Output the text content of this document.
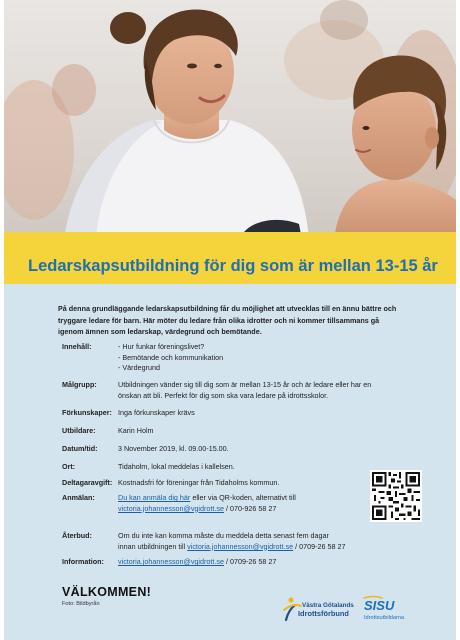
Ledarskapsutbildning för dig som är mellan 13-15 år

På denna grundläggande ledarskapsutbildning får du möjlighet att utvecklas till en ännu bättre och tryggare ledare för barn. Här möter du ledare från olika idrotter och ni kommer tillsammans gå igenom ämnen som ledarskap, värdegrund och bemötande.

Innehåll:	- Hur funkar föreningslivet?
- Bemötande och kommunikation
- Värdegrund
Målgrupp:	Utbildningen vänder sig till dig som är mellan 13-15 år och är ledare eller har en önskan att bli. Perfekt för dig som ska vara ledare på idrottsskolor.
Förkunskaper: Inga förkunskaper krävs
Utbildare:	Karin Holm
Datum/tid:	3 November 2019, kl. 09.00-15.00.
Ort:	Tidaholm, lokal meddelas i kallelsen.
Deltagaravgift: Kostnadsfri för föreningar från Tidaholms kommun.
Anmälan:	Du kan anmäla dig här eller via QR-koden, alternativt till
victoria.johannesson@vgidrott.se / 070-926 58 27
Återbud:	Om du inte kan komma måste du meddela detta senast fem dagar
innan utbildningen till victoria.johannesson@vgidrott.se / 0709-26 58 27
Information:	victoria.johannesson@vgidrott.se / 0709-26 58 27

VÄLKOMMEN!

Foto: Bildbyrån	Västra Götalands
Idrottsförbund
SISU
Idrottsutbildarna
